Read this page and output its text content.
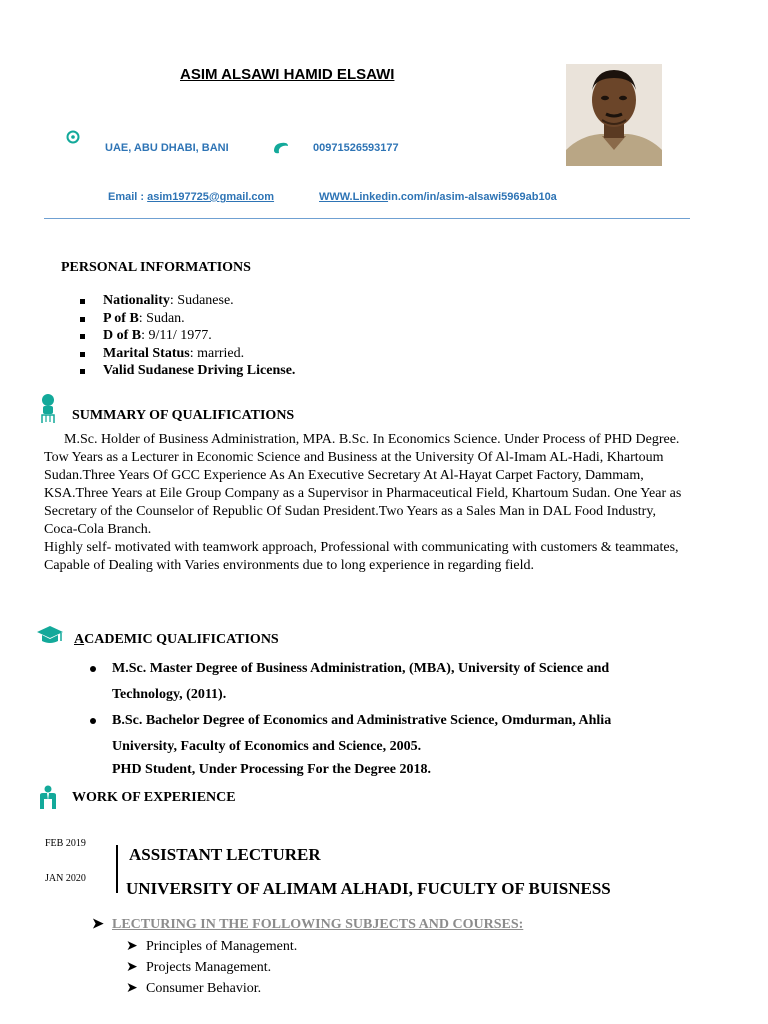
ASIM ALSAWI HAMID ELSAWI
UAE, ABU DHABI, BANI	00971526593177
Email : asim197725@gmail.com	WWW.Linkedin.com/in/asim-alsawi5969ab10a
PERSONAL INFORMATIONS
Nationality: Sudanese.
P of B: Sudan.
D of B: 9/11/ 1977.
Marital Status: married.
Valid Sudanese Driving License.
SUMMARY OF QUALIFICATIONS

M.Sc. Holder of Business Administration, MPA. B.Sc. In Economics Science. Under Process of PHD Degree.

Tow Years as a Lecturer in Economic Science and Business at the University Of Al-Imam AL-Hadi, Khartoum Sudan.Three Years Of GCC Experience As An Executive Secretary At Al-Hayat Carpet Factory, Dammam, KSA.Three Years at Eile Group Company as a Supervisor in Pharmaceutical Field, Khartoum Sudan. One Year as Secretary of the Counselor of Republic Of Sudan President.Two Years as a Sales Man in DAL Food Industry, Coca-Cola Branch.

Highly self- motivated with teamwork approach, Professional with communicating with customers & teammates, Capable of Dealing with Varies environments due to long experience in regarding field.

ACADEMIC QUALIFICATIONS
M.Sc. Master Degree of Business Administration, (MBA), University of Science and Technology, (2011).
B.Sc. Bachelor Degree of Economics and Administrative Science, Omdurman, Ahlia University, Faculty of Economics and Science, 2005.
PHD Student, Under Processing For the Degree 2018.
WORK OF EXPERIENCE
FEB 2019
JAN 2020
ASSISTANT LECTURER
UNIVERSITY OF ALIMAM ALHADI, FUCULTY OF BUISNESS
➤ LECTURING IN THE FOLLOWING SUBJECTS AND COURSES:
➤ Principles of Management.
➤ Projects Management.
➤ Consumer Behavior.
